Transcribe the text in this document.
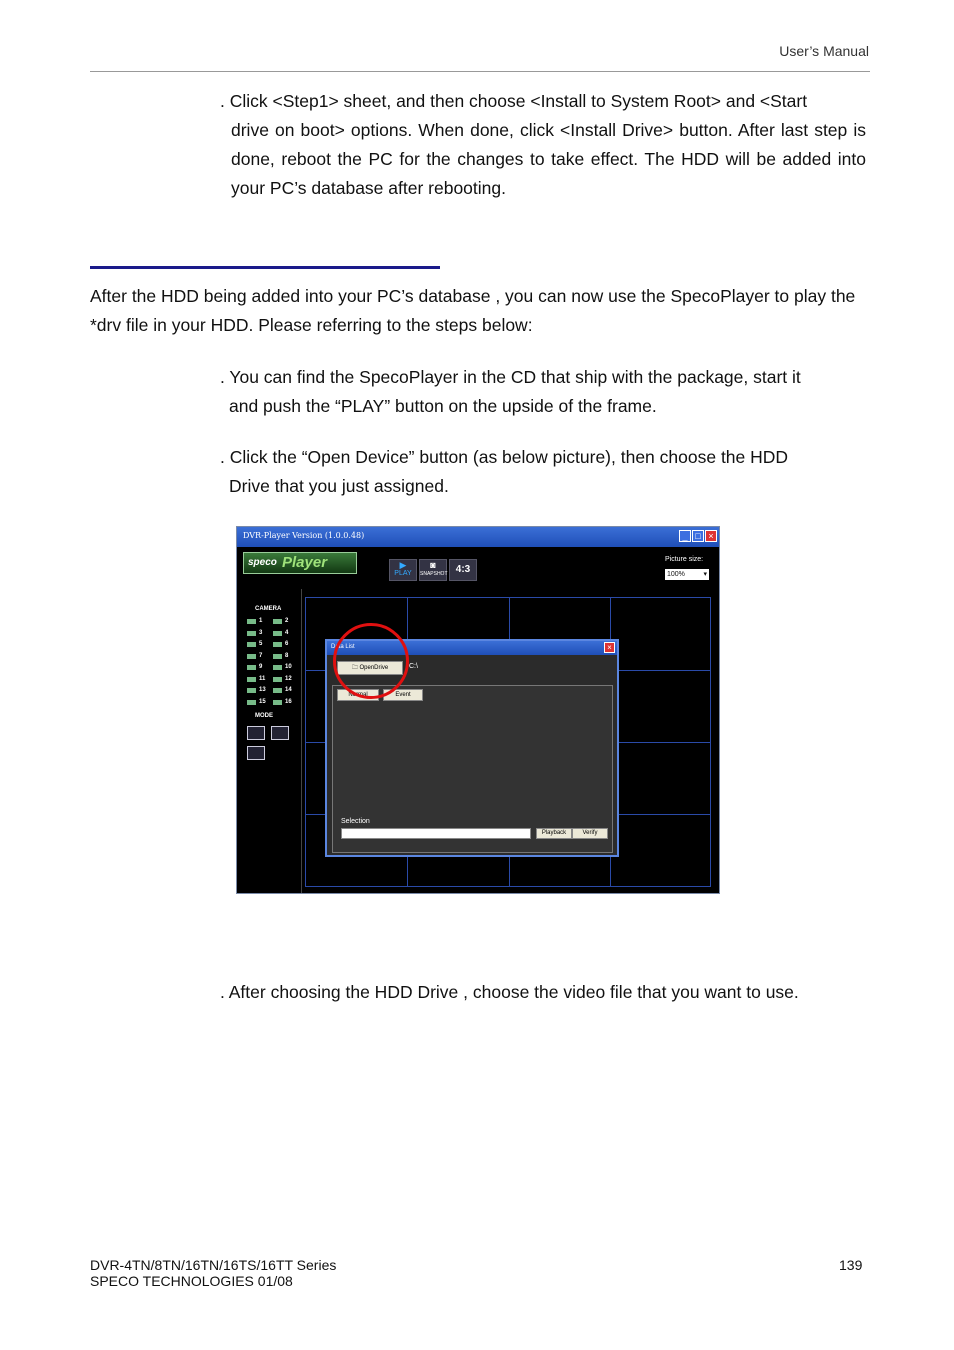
User’s Manual
. Click <Step1> sheet, and then choose <Install to System Root> and <Start
drive on boot> options. When done, click <Install Drive> button. After last step is done, reboot the PC for the changes to take effect. The HDD will be added into your PC’s database after rebooting.
After the HDD being added into your PC’s database , you can now use the SpecoPlayer to play the *drv file in your HDD. Please referring to the steps below:
. You can find the SpecoPlayer in the CD that ship with the package, start it
and push the “PLAY” button on the upside of the frame.
. Click the “Open Device” button (as below picture), then choose the HDD
Drive that you just assigned.
DVR-Player Version (1.0.0.48)	_ □ ×
speco Player	▶
PLAY
◙
SNAPSHOT 4:3
Picture size:
100%	▾
CAMERA
1	2
3	4
5	6
7	8
9	10
11	12
13	14
15	16
MODE
Data List	×
🗀 OpenDrive	C:\
Normal	Event
Selection
Playback	Verify
. After choosing the HDD Drive , choose the video file that you want to use.
DVR-4TN/8TN/16TN/16TS/16TT Series
SPECO TECHNOLOGIES 01/08
139
